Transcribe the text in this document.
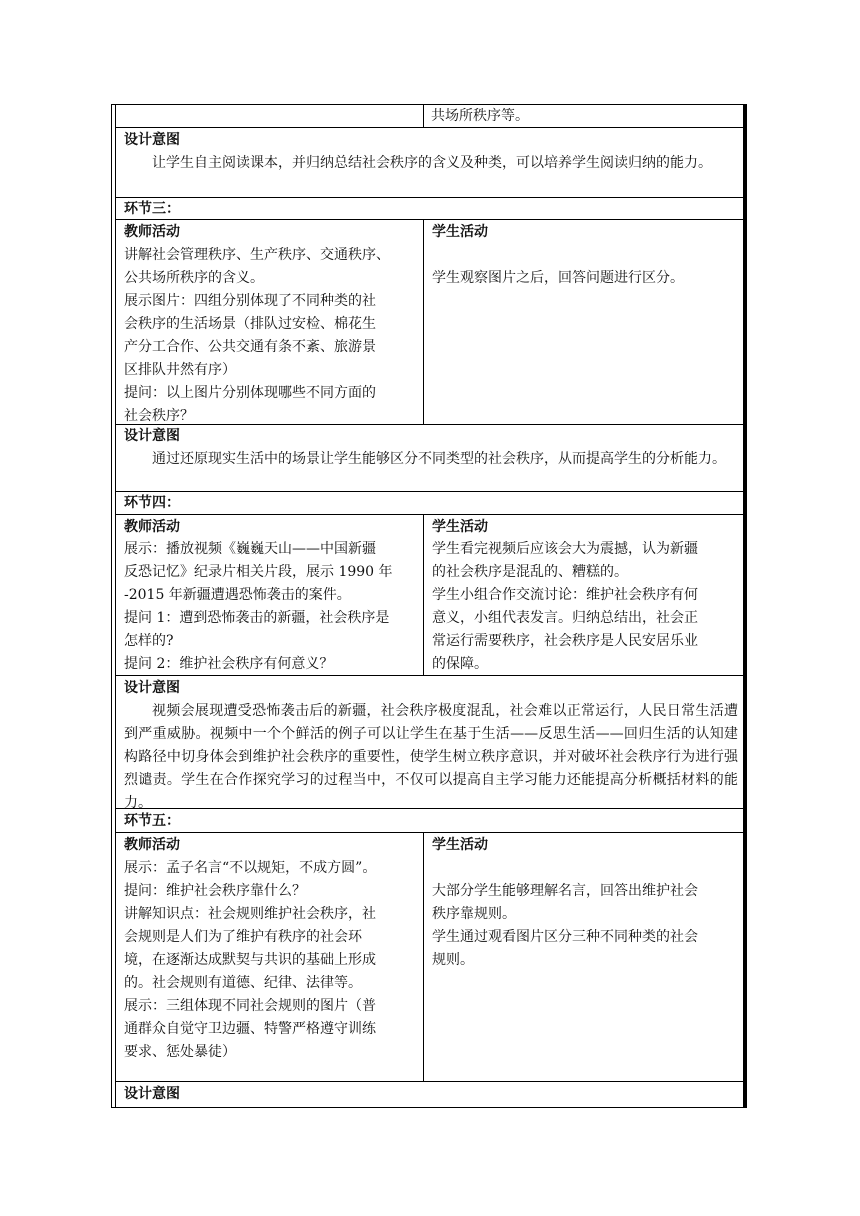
共场所秩序等。

设计意图

让学生自主阅读课本，并归纳总结社会秩序的含义及种类，可以培养学生阅读归纳的能力。

环节三：

教师活动

讲解社会管理秩序、生产秩序、交通秩序、

公共场所秩序的含义。

展示图片：四组分别体现了不同种类的社

会秩序的生活场景（排队过安检、棉花生

产分工合作、公共交通有条不紊、旅游景

区排队井然有序）

提问：以上图片分别体现哪些不同方面的

社会秩序？

学生活动

学生观察图片之后，回答问题进行区分。

设计意图

通过还原现实生活中的场景让学生能够区分不同类型的社会秩序，从而提高学生的分析能力。

环节四：

教师活动

展示：播放视频《巍巍天山——中国新疆

反恐记忆》纪录片相关片段，展示 1990 年

-2015 年新疆遭遇恐怖袭击的案件。

提问 1：遭到恐怖袭击的新疆，社会秩序是

怎样的?

提问 2：维护社会秩序有何意义？

学生活动

学生看完视频后应该会大为震撼，认为新疆

的社会秩序是混乱的、糟糕的。

学生小组合作交流讨论：维护社会秩序有何

意义，小组代表发言。归纳总结出，社会正

常运行需要秩序，社会秩序是人民安居乐业

的保障。

设计意图

视频会展现遭受恐怖袭击后的新疆，社会秩序极度混乱，社会难以正常运行，人民日常生活遭到严重威胁。视频中一个个鲜活的例子可以让学生在基于生活——反思生活——回归生活的认知建构路径中切身体会到维护社会秩序的重要性，使学生树立秩序意识，并对破坏社会秩序行为进行强烈谴责。学生在合作探究学习的过程当中，不仅可以提高自主学习能力还能提高分析概括材料的能力。

环节五：

教师活动

展示：孟子名言“不以规矩，不成方圆”。

提问：维护社会秩序靠什么？

讲解知识点：社会规则维护社会秩序，社

会规则是人们为了维护有秩序的社会环

境，在逐渐达成默契与共识的基础上形成

的。社会规则有道德、纪律、法律等。

展示：三组体现不同社会规则的图片（普

通群众自觉守卫边疆、特警严格遵守训练

要求、惩处暴徒）

学生活动

大部分学生能够理解名言，回答出维护社会

秩序靠规则。

学生通过观看图片区分三种不同种类的社会

规则。

设计意图
